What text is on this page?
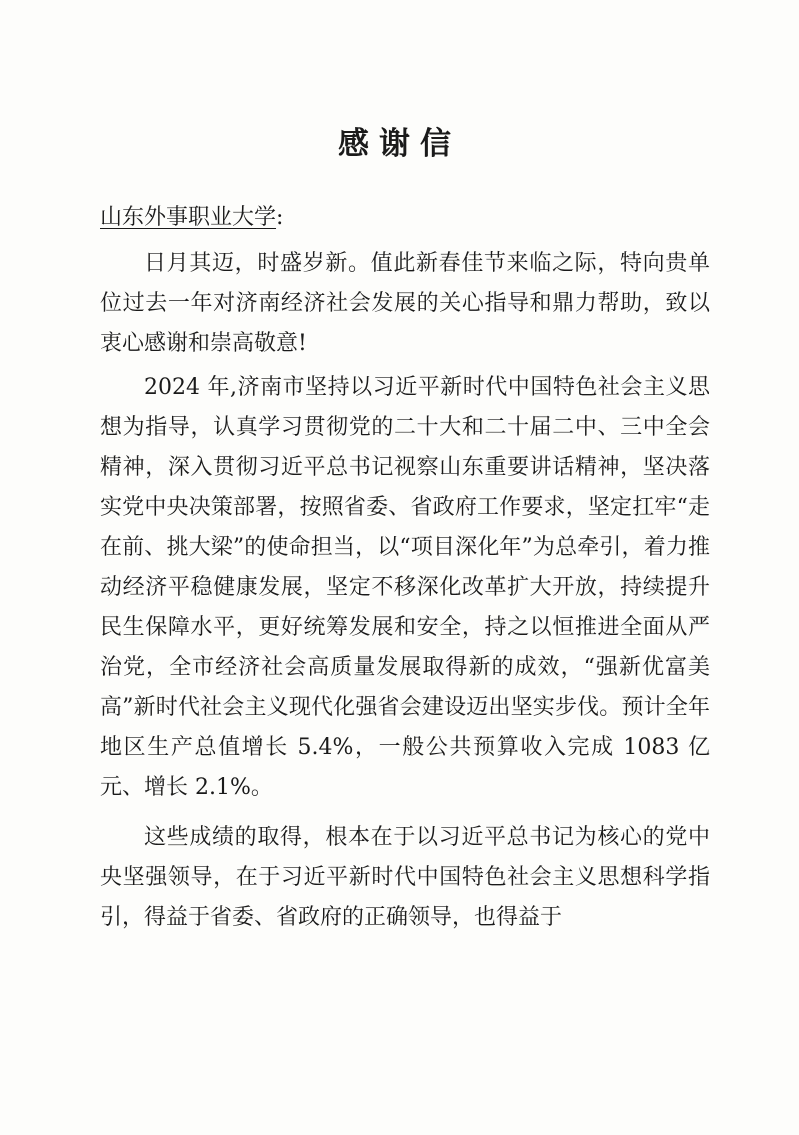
感谢信

山东外事职业大学:

日月其迈，时盛岁新。值此新春佳节来临之际，特向贵单位过去一年对济南经济社会发展的关心指导和鼎力帮助，致以衷心感谢和崇高敬意!

2024 年,济南市坚持以习近平新时代中国特色社会主义思想为指导，认真学习贯彻党的二十大和二十届二中、三中全会精神，深入贯彻习近平总书记视察山东重要讲话精神，坚决落实党中央决策部署，按照省委、省政府工作要求，坚定扛牢“走在前、挑大梁”的使命担当，以“项目深化年”为总牵引，着力推动经济平稳健康发展，坚定不移深化改革扩大开放，持续提升民生保障水平，更好统筹发展和安全，持之以恒推进全面从严治党，全市经济社会高质量发展取得新的成效，“强新优富美高”新时代社会主义现代化强省会建设迈出坚实步伐。预计全年地区生产总值增长 5.4%，一般公共预算收入完成 1083 亿元、增长 2.1%。

这些成绩的取得，根本在于以习近平总书记为核心的党中央坚强领导，在于习近平新时代中国特色社会主义思想科学指引，得益于省委、省政府的正确领导，也得益于
